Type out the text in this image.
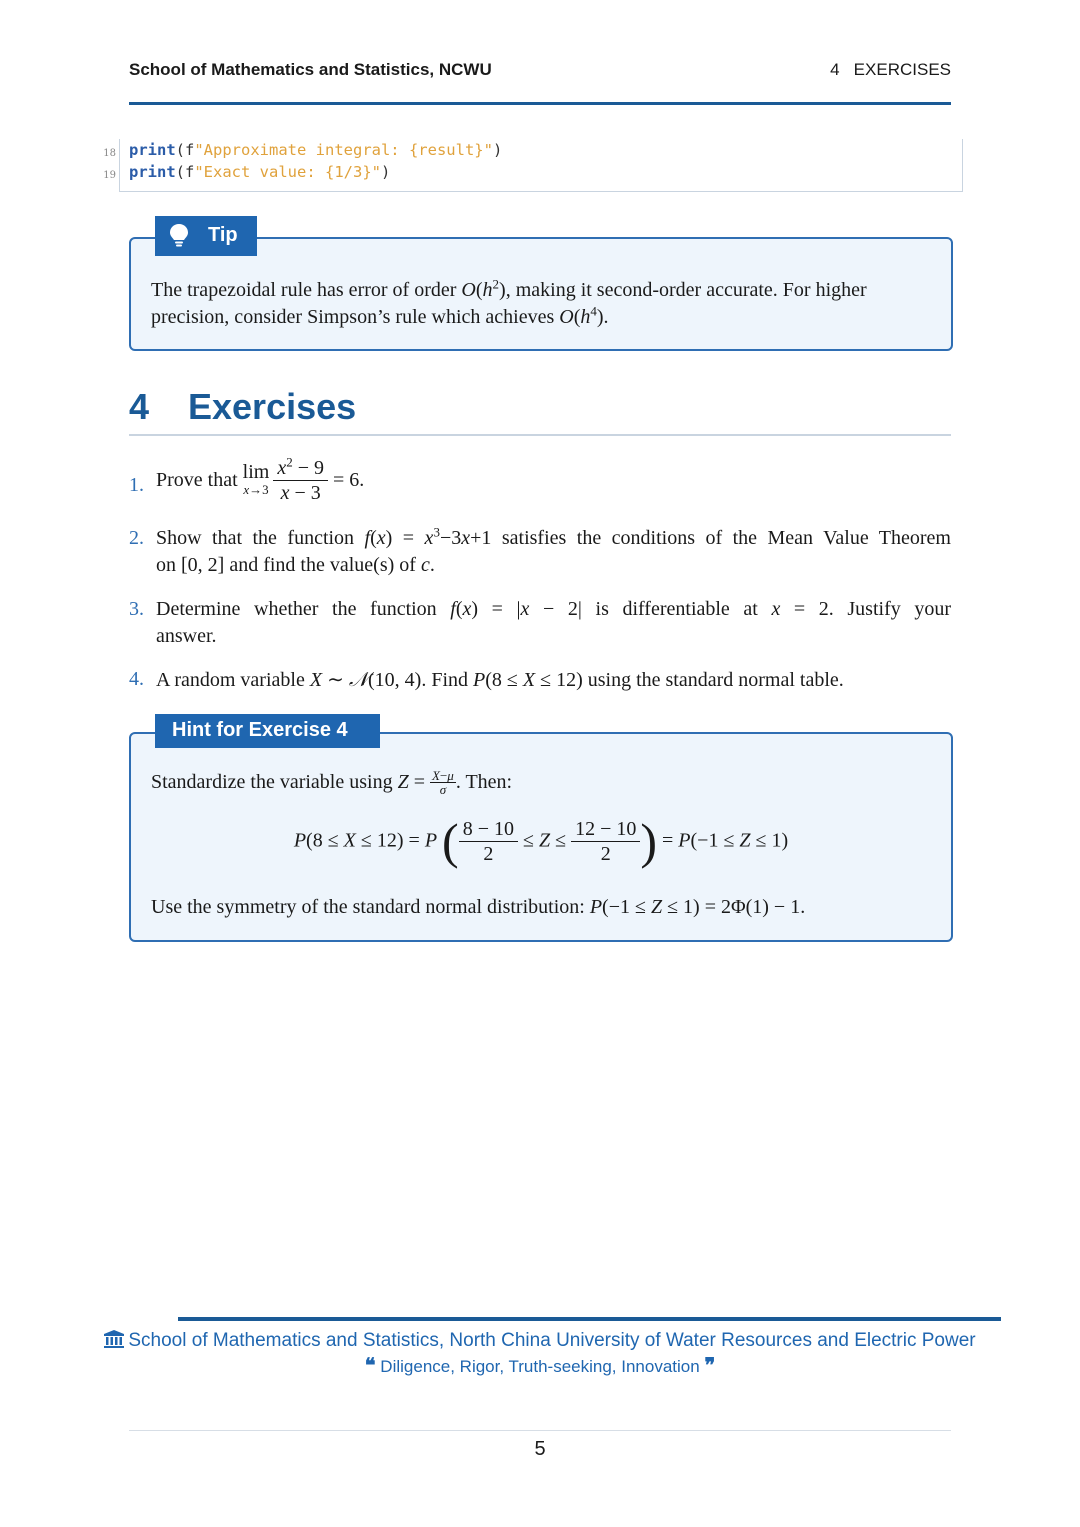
School of Mathematics and Statistics, NCWU	4   EXERCISES
18
19
print(f"Approximate integral: {result}")
print(f"Exact value: {1/3}")

The trapezoidal rule has error of order $O(h^2)$, making it second-order accurate. For higher

precision, consider Simpson’s rule which achieves $O(h^4)$.

Tip
4 Exercises
1. Prove that lim
$x\to 3 \frac{x^2 - 9}{x - 3} = 6$.
2. Show that the function $f(x) = x^3-3x+1$ satisfies the conditions of the Mean Value Theorem
on [0, 2] and find the value(s) of c.
3. Determine whether the function f(x) = |x − 2| is differentiable at x = 2. Justify your
answer.
4. A random variable X ∼ 𝒩(10, 4). Find P(8 ≤ X ≤ 12) using the standard normal table.

Standardize the variable using $Z = \frac{X-\mu}{\sigma}$ . Then:

P(8 ≤ X ≤ 12) = P ( $\frac{8 - 10}{2} \le Z \le \frac{12 - 10}{2}$ ) = P(−1 ≤ Z ≤ 1)

Use the symmetry of the standard normal distribution: P(−1 ≤ Z ≤ 1) = 2Φ(1) − 1.

Hint for Exercise 4
School of Mathematics and Statistics, North China University of Water Resources and Electric Power
❝ Diligence, Rigor, Truth-seeking, Innovation ❞
5
